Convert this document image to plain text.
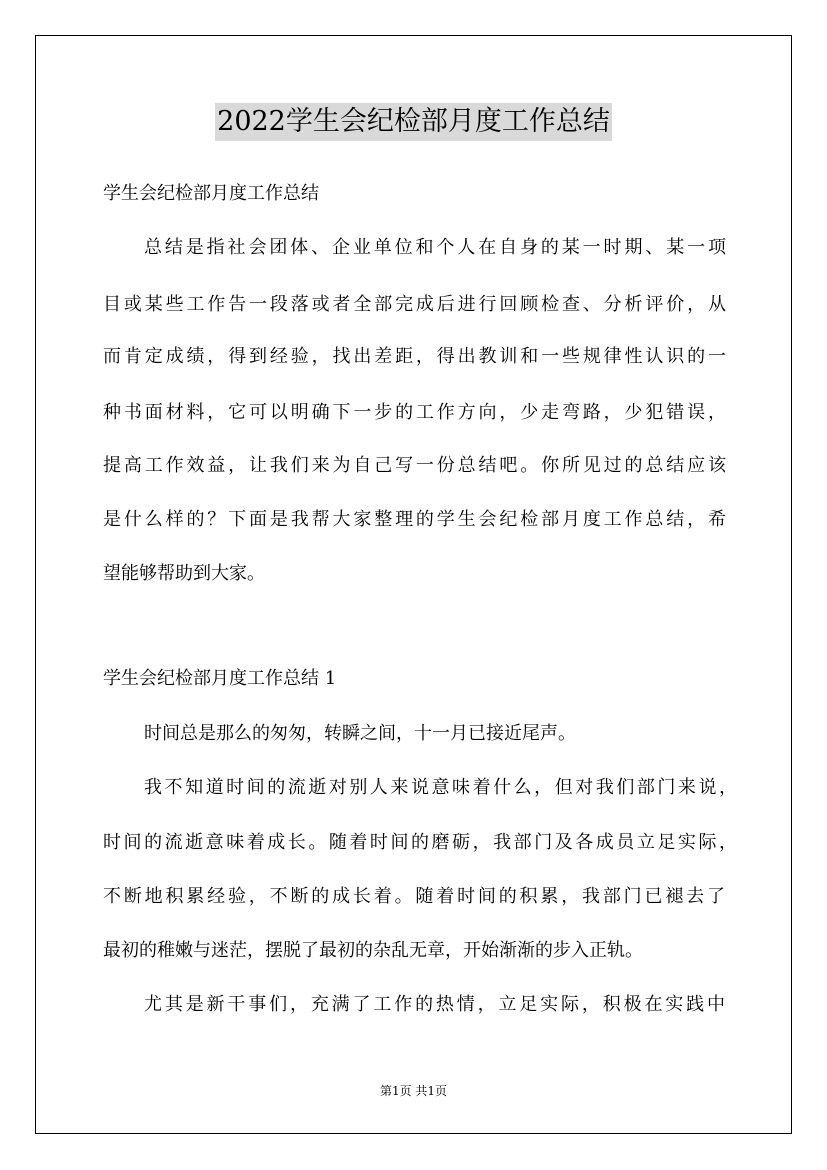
2022学生会纪检部月度工作总结

学生会纪检部月度工作总结

总结是指社会团体、企业单位和个人在自身的某一时期、某一项

目或某些工作告一段落或者全部完成后进行回顾检查、分析评价，从

而肯定成绩，得到经验，找出差距，得出教训和一些规律性认识的一

种书面材料，它可以明确下一步的工作方向，少走弯路，少犯错误，

提高工作效益，让我们来为自己写一份总结吧。你所见过的总结应该

是什么样的？下面是我帮大家整理的学生会纪检部月度工作总结，希

望能够帮助到大家。

学生会纪检部月度工作总结 1

时间总是那么的匆匆，转瞬之间，十一月已接近尾声。

我不知道时间的流逝对别人来说意味着什么，但对我们部门来说，

时间的流逝意味着成长。随着时间的磨砺，我部门及各成员立足实际，

不断地积累经验，不断的成长着。随着时间的积累，我部门已褪去了

最初的稚嫩与迷茫，摆脱了最初的杂乱无章，开始渐渐的步入正轨。

尤其是新干事们，充满了工作的热情，立足实际，积极在实践中

第1页 共1页
